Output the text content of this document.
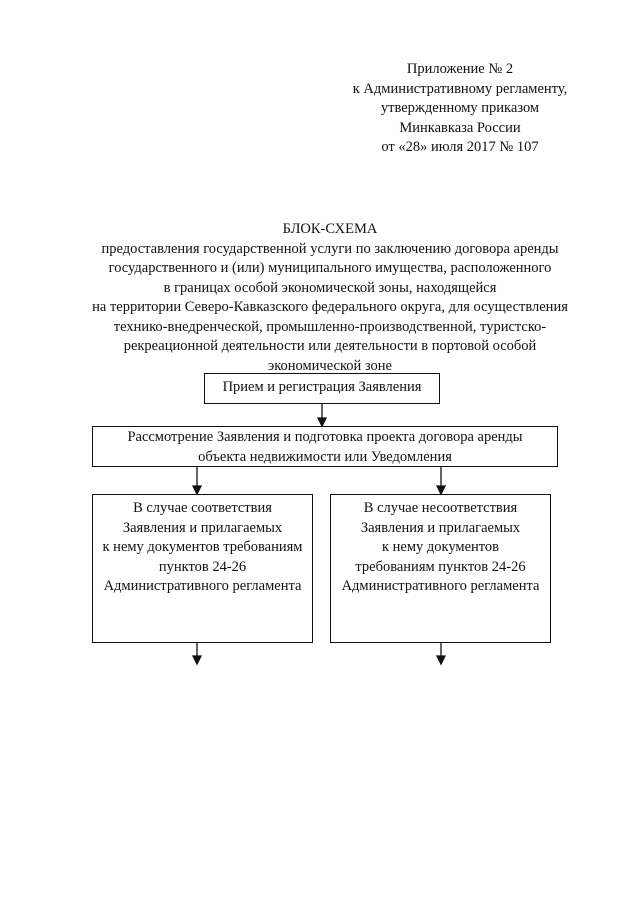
Приложение № 2
к Административному регламенту,
утвержденному приказом
Минкавказа России
от «28» июля 2017 № 107
БЛОК-СХЕМА
предоставления государственной услуги по заключению договора аренды
государственного и (или) муниципального имущества, расположенного
в границах особой экономической зоны, находящейся
на территории Северо-Кавказского федерального округа, для осуществления
технико-внедренческой, промышленно-производственной, туристско-
рекреационной деятельности или деятельности в портовой особой
экономической зоне
Прием и регистрация Заявления
Рассмотрение Заявления и подготовка проекта договора аренды
объекта недвижимости или Уведомления
В случае соответствия
Заявления и прилагаемых
к нему документов требованиям
пунктов 24-26
Административного регламента
В случае несоответствия
Заявления и прилагаемых
к нему документов
требованиям пунктов 24-26
Административного регламента
